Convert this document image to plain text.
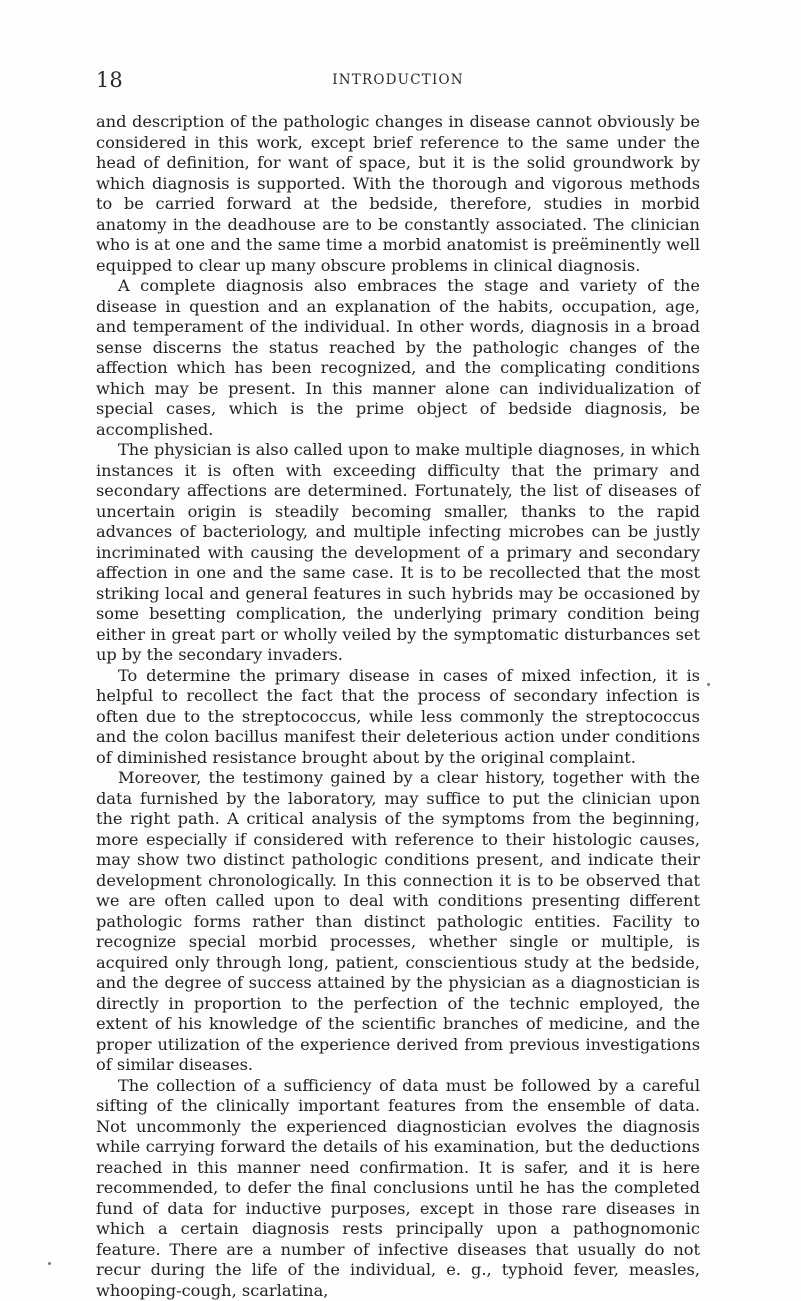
18	INTRODUCTION

and description of the pathologic changes in disease cannot obviously be considered in this work, except brief reference to the same under the head of definition, for want of space, but it is the solid groundwork by which diagnosis is supported. With the thorough and vigorous methods to be carried forward at the bedside, therefore, studies in morbid anatomy in the deadhouse are to be constantly associated. The clinician who is at one and the same time a morbid anatomist is preëminently well equipped to clear up many obscure problems in clinical diagnosis.

A complete diagnosis also embraces the stage and variety of the disease in question and an explanation of the habits, occupation, age, and temperament of the individual. In other words, diagnosis in a broad sense discerns the status reached by the pathologic changes of the affection which has been recognized, and the complicating conditions which may be present. In this manner alone can individualization of special cases, which is the prime object of bedside diagnosis, be accomplished.

The physician is also called upon to make multiple diagnoses, in which instances it is often with exceeding difficulty that the primary and secondary affections are determined. Fortunately, the list of diseases of uncertain origin is steadily becoming smaller, thanks to the rapid advances of bacteriology, and multiple infecting microbes can be justly incriminated with causing the development of a primary and secondary affection in one and the same case. It is to be recollected that the most striking local and general features in such hybrids may be occasioned by some besetting complication, the underlying primary condition being either in great part or wholly veiled by the symptomatic disturbances set up by the secondary invaders.

To determine the primary disease in cases of mixed infection, it is helpful to recollect the fact that the process of secondary infection is often due to the streptococcus, while less commonly the streptococcus and the colon bacillus manifest their deleterious action under conditions of diminished resistance brought about by the original complaint.

Moreover, the testimony gained by a clear history, together with the data furnished by the laboratory, may suffice to put the clinician upon the right path. A critical analysis of the symptoms from the beginning, more especially if considered with reference to their histologic causes, may show two distinct pathologic conditions present, and indicate their development chronologically. In this connection it is to be observed that we are often called upon to deal with conditions presenting different pathologic forms rather than distinct pathologic entities. Facility to recognize special morbid processes, whether single or multiple, is acquired only through long, patient, conscientious study at the bedside, and the degree of success attained by the physician as a diagnostician is directly in proportion to the perfection of the technic employed, the extent of his knowledge of the scientific branches of medicine, and the proper utilization of the experience derived from previous investigations of similar diseases.

The collection of a sufficiency of data must be followed by a careful sifting of the clinically important features from the ensemble of data. Not uncommonly the experienced diagnostician evolves the diagnosis while carrying forward the details of his examination, but the deductions reached in this manner need confirmation. It is safer, and it is here recommended, to defer the final conclusions until he has the completed fund of data for inductive purposes, except in those rare diseases in which a certain diagnosis rests principally upon a pathognomonic feature. There are a number of infective diseases that usually do not recur during the life of the individual, e. g., typhoid fever, measles, whooping-cough, scarlatina,
